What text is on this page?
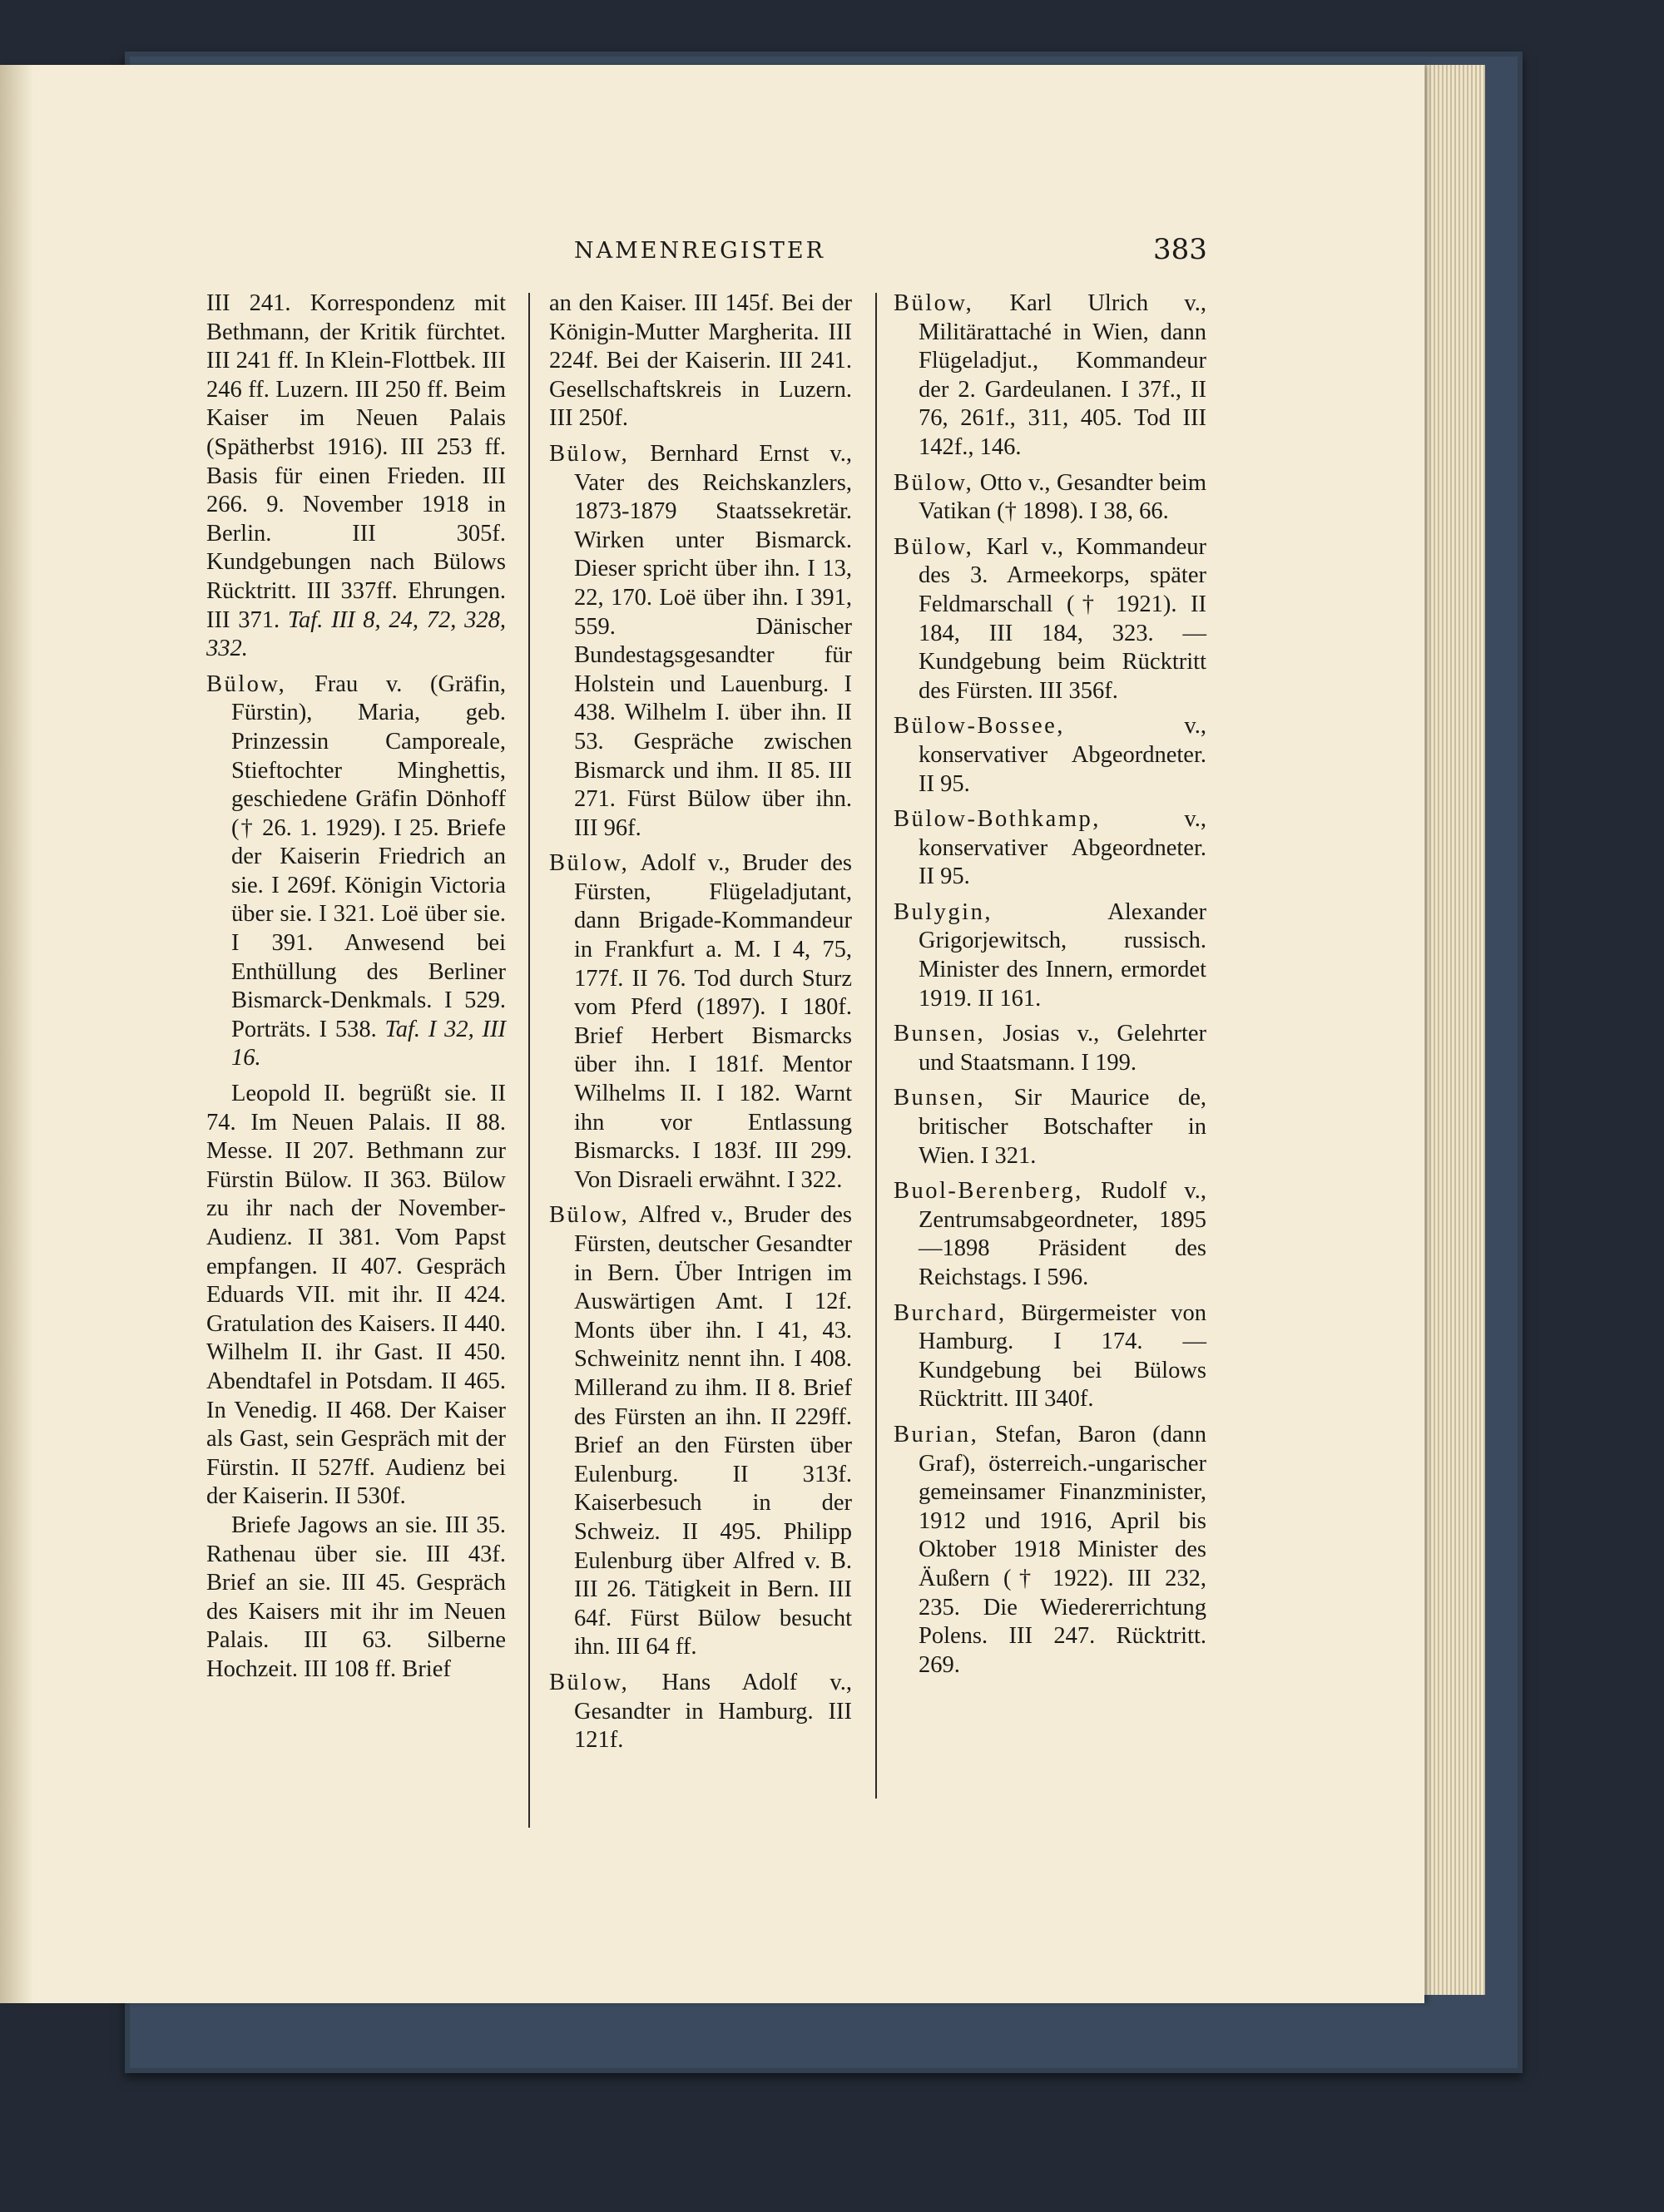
NAMENREGISTER	383

III 241. Korrespondenz mit Bethmann, der Kritik fürchtet. III 241 ff. In Klein-Flottbek. III 246 ff. Luzern. III 250 ff. Beim Kaiser im Neuen Palais (Spätherbst 1916). III 253 ff. Basis für einen Frieden. III 266. 9. November 1918 in Berlin. III 305f. Kundgebungen nach Bülows Rücktritt. III 337ff. Ehrungen. III 371. Taf. III 8, 24, 72, 328, 332.

Bülow, Frau v. (Gräfin, Fürstin), Maria, geb. Prinzessin Camporeale, Stieftochter Minghettis, geschiedene Gräfin Dönhoff († 26. 1. 1929). I 25. Briefe der Kaiserin Friedrich an sie. I 269f. Königin Victoria über sie. I 321. Loë über sie. I 391. Anwesend bei Enthüllung des Berliner Bismarck-Denkmals. I 529. Porträts. I 538. Taf. I 32, III 16.

Leopold II. begrüßt sie. II 74. Im Neuen Palais. II 88. Messe. II 207. Bethmann zur Fürstin Bülow. II 363. Bülow zu ihr nach der November-Audienz. II 381. Vom Papst empfangen. II 407. Gespräch Eduards VII. mit ihr. II 424. Gratulation des Kaisers. II 440. Wilhelm II. ihr Gast. II 450. Abendtafel in Potsdam. II 465. In Venedig. II 468. Der Kaiser als Gast, sein Gespräch mit der Fürstin. II 527ff. Audienz bei der Kaiserin. II 530f.

Briefe Jagows an sie. III 35. Rathenau über sie. III 43f. Brief an sie. III 45. Gespräch des Kaisers mit ihr im Neuen Palais. III 63. Silberne Hochzeit. III 108 ff. Brief

an den Kaiser. III 145f. Bei der Königin-Mutter Margherita. III 224f. Bei der Kaiserin. III 241. Gesellschaftskreis in Luzern. III 250f.

Bülow, Bernhard Ernst v., Vater des Reichskanzlers, 1873-1879 Staatssekretär. Wirken unter Bismarck. Dieser spricht über ihn. I 13, 22, 170. Loë über ihn. I 391, 559. Dänischer Bundestagsgesandter für Holstein und Lauenburg. I 438. Wilhelm I. über ihn. II 53. Gespräche zwischen Bismarck und ihm. II 85. III 271. Fürst Bülow über ihn. III 96f.

Bülow, Adolf v., Bruder des Fürsten, Flügeladjutant, dann Brigade-Kommandeur in Frankfurt a. M. I 4, 75, 177f. II 76. Tod durch Sturz vom Pferd (1897). I 180f. Brief Herbert Bismarcks über ihn. I 181f. Mentor Wilhelms II. I 182. Warnt ihn vor Entlassung Bismarcks. I 183f. III 299. Von Disraeli erwähnt. I 322.

Bülow, Alfred v., Bruder des Fürsten, deutscher Gesandter in Bern. Über Intrigen im Auswärtigen Amt. I 12f. Monts über ihn. I 41, 43. Schweinitz nennt ihn. I 408. Millerand zu ihm. II 8. Brief des Fürsten an ihn. II 229ff. Brief an den Fürsten über Eulenburg. II 313f. Kaiserbesuch in der Schweiz. II 495. Philipp Eulenburg über Alfred v. B. III 26. Tätigkeit in Bern. III 64f. Fürst Bülow besucht ihn. III 64 ff.

Bülow, Hans Adolf v., Gesandter in Hamburg. III 121f.

Bülow, Karl Ulrich v., Militärattaché in Wien, dann Flügeladjut., Kommandeur der 2. Gardeulanen. I 37f., II 76, 261f., 311, 405. Tod III 142f., 146.

Bülow, Otto v., Gesandter beim Vatikan († 1898). I 38, 66.

Bülow, Karl v., Kommandeur des 3. Armeekorps, später Feldmarschall († 1921). II 184, III 184, 323. — Kundgebung beim Rücktritt des Fürsten. III 356f.

Bülow-Bossee,	v., konservativer Abgeordneter. II 95.

Bülow-Bothkamp,	v., konservativer Abgeordneter. II 95.

Bulygin,	Alexander Grigorjewitsch, russisch. Minister des Innern, ermordet 1919. II 161.

Bunsen, Josias v., Gelehrter und Staatsmann. I 199.

Bunsen, Sir Maurice de, britischer Botschafter in Wien. I 321.

Buol-Berenberg, Rudolf v., Zentrumsabgeordneter, 1895—1898 Präsident des Reichstags. I 596.

Burchard, Bürgermeister von Hamburg. I 174. — Kundgebung bei Bülows Rücktritt. III 340f.

Burian, Stefan, Baron (dann Graf), österreich.-ungarischer gemeinsamer Finanzminister, 1912 und 1916, April bis Oktober 1918 Minister des Äußern († 1922). III 232, 235. Die Wiedererrichtung Polens. III 247. Rücktritt. 269.
